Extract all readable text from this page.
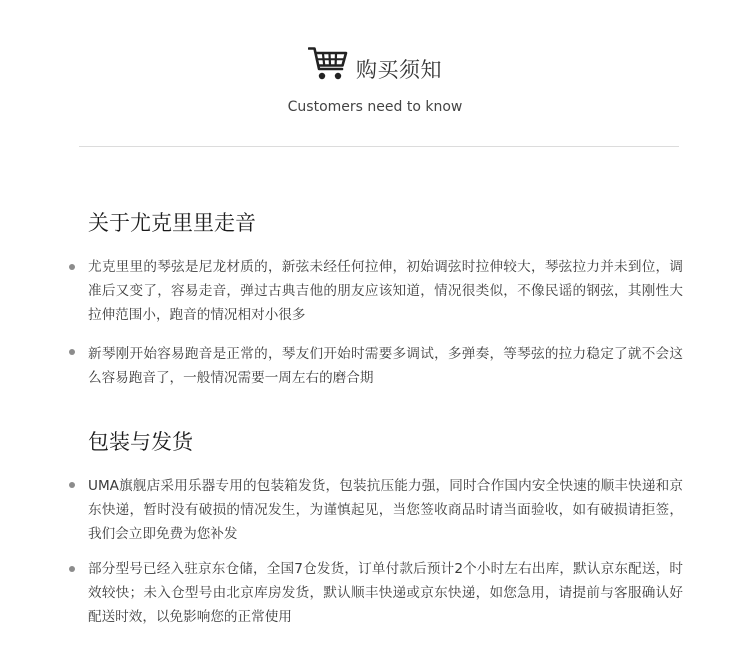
购买须知
Customers need to know
关于尤克里里走音

尤克里里的琴弦是尼龙材质的，新弦未经任何拉伸，初始调弦时拉伸较大，琴弦拉力并未到位，调准后又变了，容易走音，弹过古典吉他的朋友应该知道，情况很类似，不像民谣的钢弦，其刚性大拉伸范围小，跑音的情况相对小很多

新琴刚开始容易跑音是正常的，琴友们开始时需要多调试，多弹奏，等琴弦的拉力稳定了就不会这么容易跑音了，一般情况需要一周左右的磨合期

包装与发货

UMA旗舰店采用乐器专用的包装箱发货，包装抗压能力强，同时合作国内安全快速的顺丰快递和京东快递，暂时没有破损的情况发生，为谨慎起见，当您签收商品时请当面验收，如有破损请拒签，我们会立即免费为您补发

部分型号已经入驻京东仓储，全国7仓发货，订单付款后预计2个小时左右出库，默认京东配送，时效较快；未入仓型号由北京库房发货，默认顺丰快递或京东快递，如您急用，请提前与客服确认好配送时效，以免影响您的正常使用
